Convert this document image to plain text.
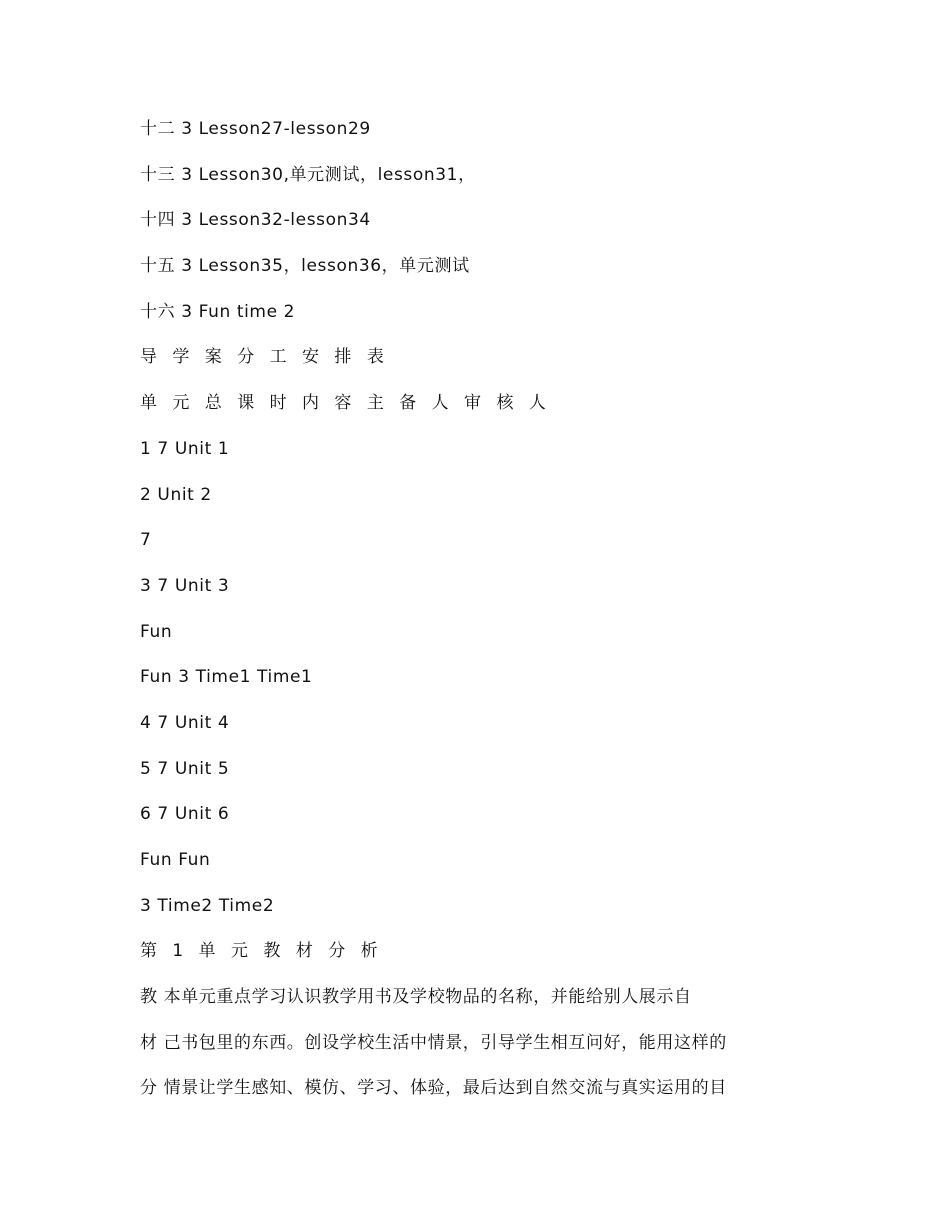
十二 3 Lesson27-lesson29
十三 3 Lesson30,单元测试，lesson31，
十四 3 Lesson32-lesson34
十五 3 Lesson35，lesson36，单元测试
十六 3 Fun time 2
导 学 案 分 工 安 排 表
单 元 总 课 时 内 容 主 备 人 审 核 人
1 7 Unit 1
2 Unit 2
7
3 7 Unit 3
Fun
Fun 3 Time1 Time1
4 7 Unit 4
5 7 Unit 5
6 7 Unit 6
Fun Fun
3 Time2 Time2
第 1 单 元 教 材 分 析
教 本单元重点学习认识教学用书及学校物品的名称，并能给别人展示自
材 己书包里的东西。创设学校生活中情景，引导学生相互问好，能用这样的
分 情景让学生感知、模仿、学习、体验，最后达到自然交流与真实运用的目
